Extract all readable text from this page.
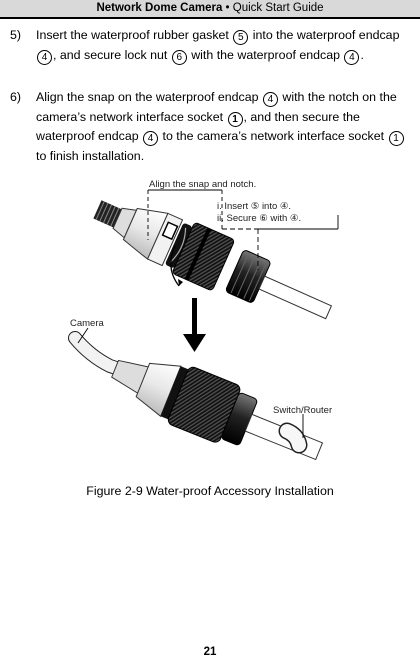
Network Dome Camera • Quick Start Guide
5) Insert the waterproof rubber gasket 5 into the waterproof endcap 4 , and secure lock nut 6 with the waterproof endcap 4 .
6) Align the snap on the waterproof endcap 4 with the notch on the camera’s network interface socket 1 , and then secure the waterproof endcap 4 to the camera’s network interface socket 1 to finish installation.
Align the snap and notch.
i. Insert ⑤ into ④.
ii. Secure ⑥ with ④.
Camera
Switch/Router
Figure 2-9 Water-proof Accessory Installation
21
